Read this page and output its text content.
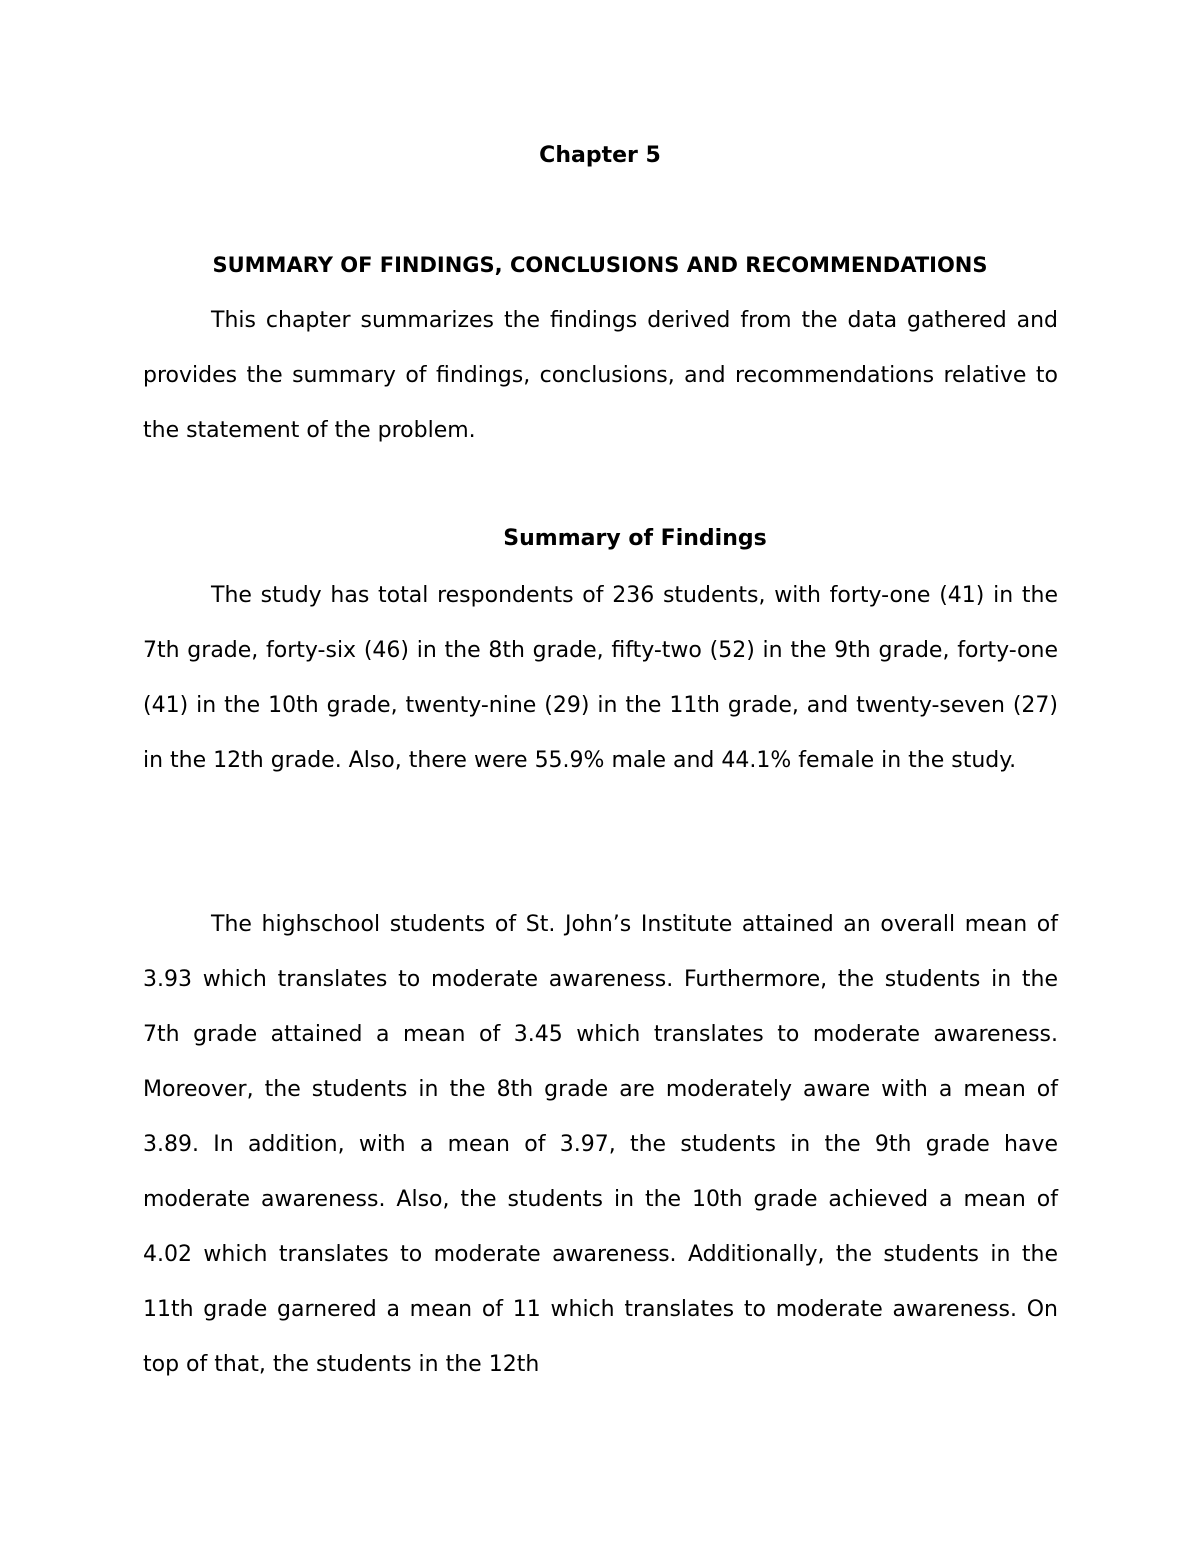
Chapter 5
SUMMARY OF FINDINGS, CONCLUSIONS AND RECOMMENDATIONS

This chapter summarizes the findings derived from the data gathered and provides the summary of findings, conclusions, and recommendations relative to the statement of the problem.

Summary of Findings

The study has total respondents of 236 students, with forty-one (41) in the 7th grade, forty-six (46) in the 8th grade, fifty-two (52) in the 9th grade, forty-one (41) in the 10th grade, twenty-nine (29) in the 11th grade, and twenty-seven (27) in the 12th grade. Also, there were 55.9% male and 44.1% female in the study.

The highschool students of St. John’s Institute attained an overall mean of 3.93 which translates to moderate awareness. Furthermore, the students in the 7th grade attained a mean of 3.45 which translates to moderate awareness. Moreover, the students in the 8th grade are moderately aware with a mean of 3.89. In addition, with a mean of 3.97, the students in the 9th grade have moderate awareness. Also, the students in the 10th grade achieved a mean of 4.02 which translates to moderate awareness. Additionally, the students in the 11th grade garnered a mean of 11 which translates to moderate awareness. On top of that, the students in the 12th
